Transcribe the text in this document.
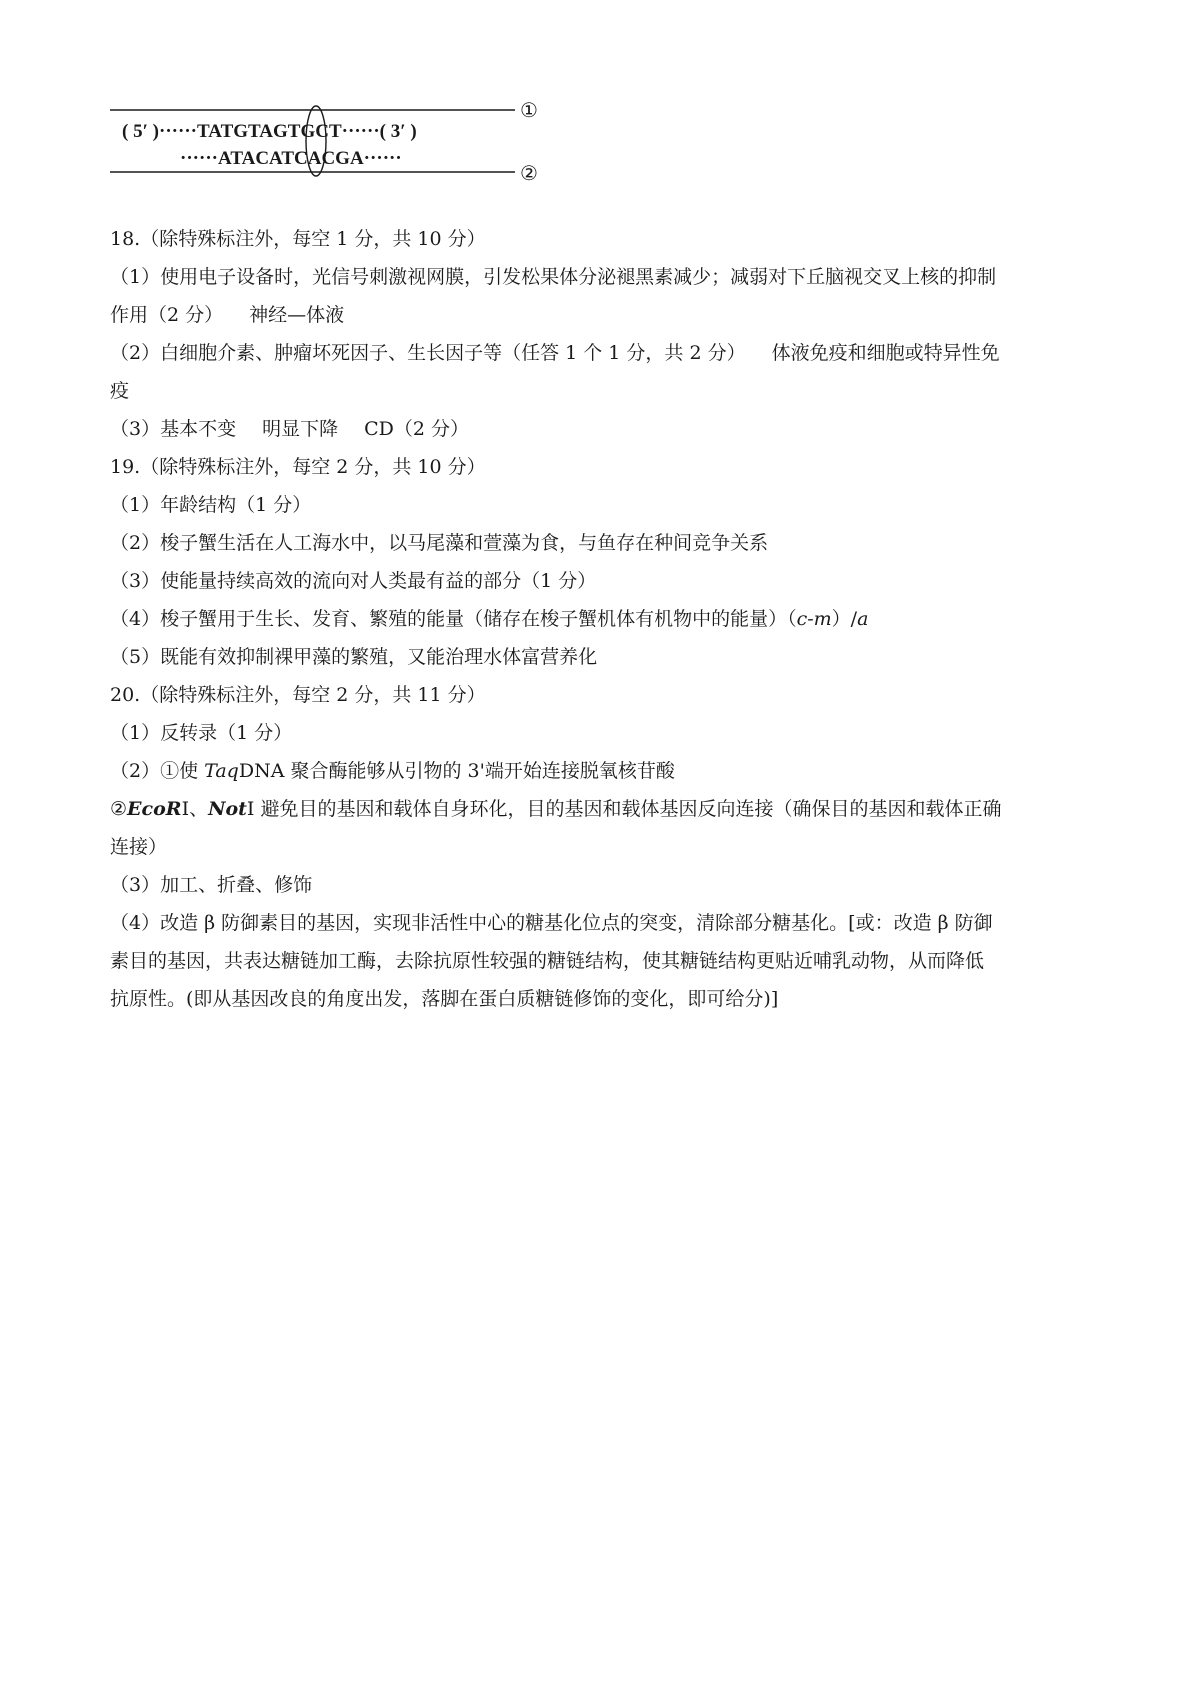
①
②
( 5′ )······TATGTAGTGCT······( 3′ )
······ATACATCACGA······
18.（除特殊标注外，每空 1 分，共 10 分）
（1）使用电子设备时，光信号刺激视网膜，引发松果体分泌褪黑素减少；减弱对下丘脑视交叉上核的抑制
作用（2 分） 神经—体液
（2）白细胞介素、肿瘤坏死因子、生长因子等（任答 1 个 1 分，共 2 分） 体液免疫和细胞或特异性免
疫
（3）基本不变 明显下降 CD（2 分）
19.（除特殊标注外，每空 2 分，共 10 分）
（1）年龄结构（1 分）
（2）梭子蟹生活在人工海水中，以马尾藻和萱藻为食，与鱼存在种间竞争关系
（3）使能量持续高效的流向对人类最有益的部分（1 分）
（4）梭子蟹用于生长、发育、繁殖的能量（储存在梭子蟹机体有机物中的能量）（c-m）/a
（5）既能有效抑制裸甲藻的繁殖，又能治理水体富营养化
20.（除特殊标注外，每空 2 分，共 11 分）
（1）反转录（1 分）
（2）①使 TaqDNA 聚合酶能够从引物的 3'端开始连接脱氧核苷酸
②EcoRⅠ、NotI 避免目的基因和载体自身环化，目的基因和载体基因反向连接（确保目的基因和载体正确
连接）
（3）加工、折叠、修饰
（4）改造 β 防御素目的基因，实现非活性中心的糖基化位点的突变，清除部分糖基化。[或：改造 β 防御
素目的基因，共表达糖链加工酶，去除抗原性较强的糖链结构，使其糖链结构更贴近哺乳动物，从而降低
抗原性。(即从基因改良的角度出发，落脚在蛋白质糖链修饰的变化，即可给分)]
